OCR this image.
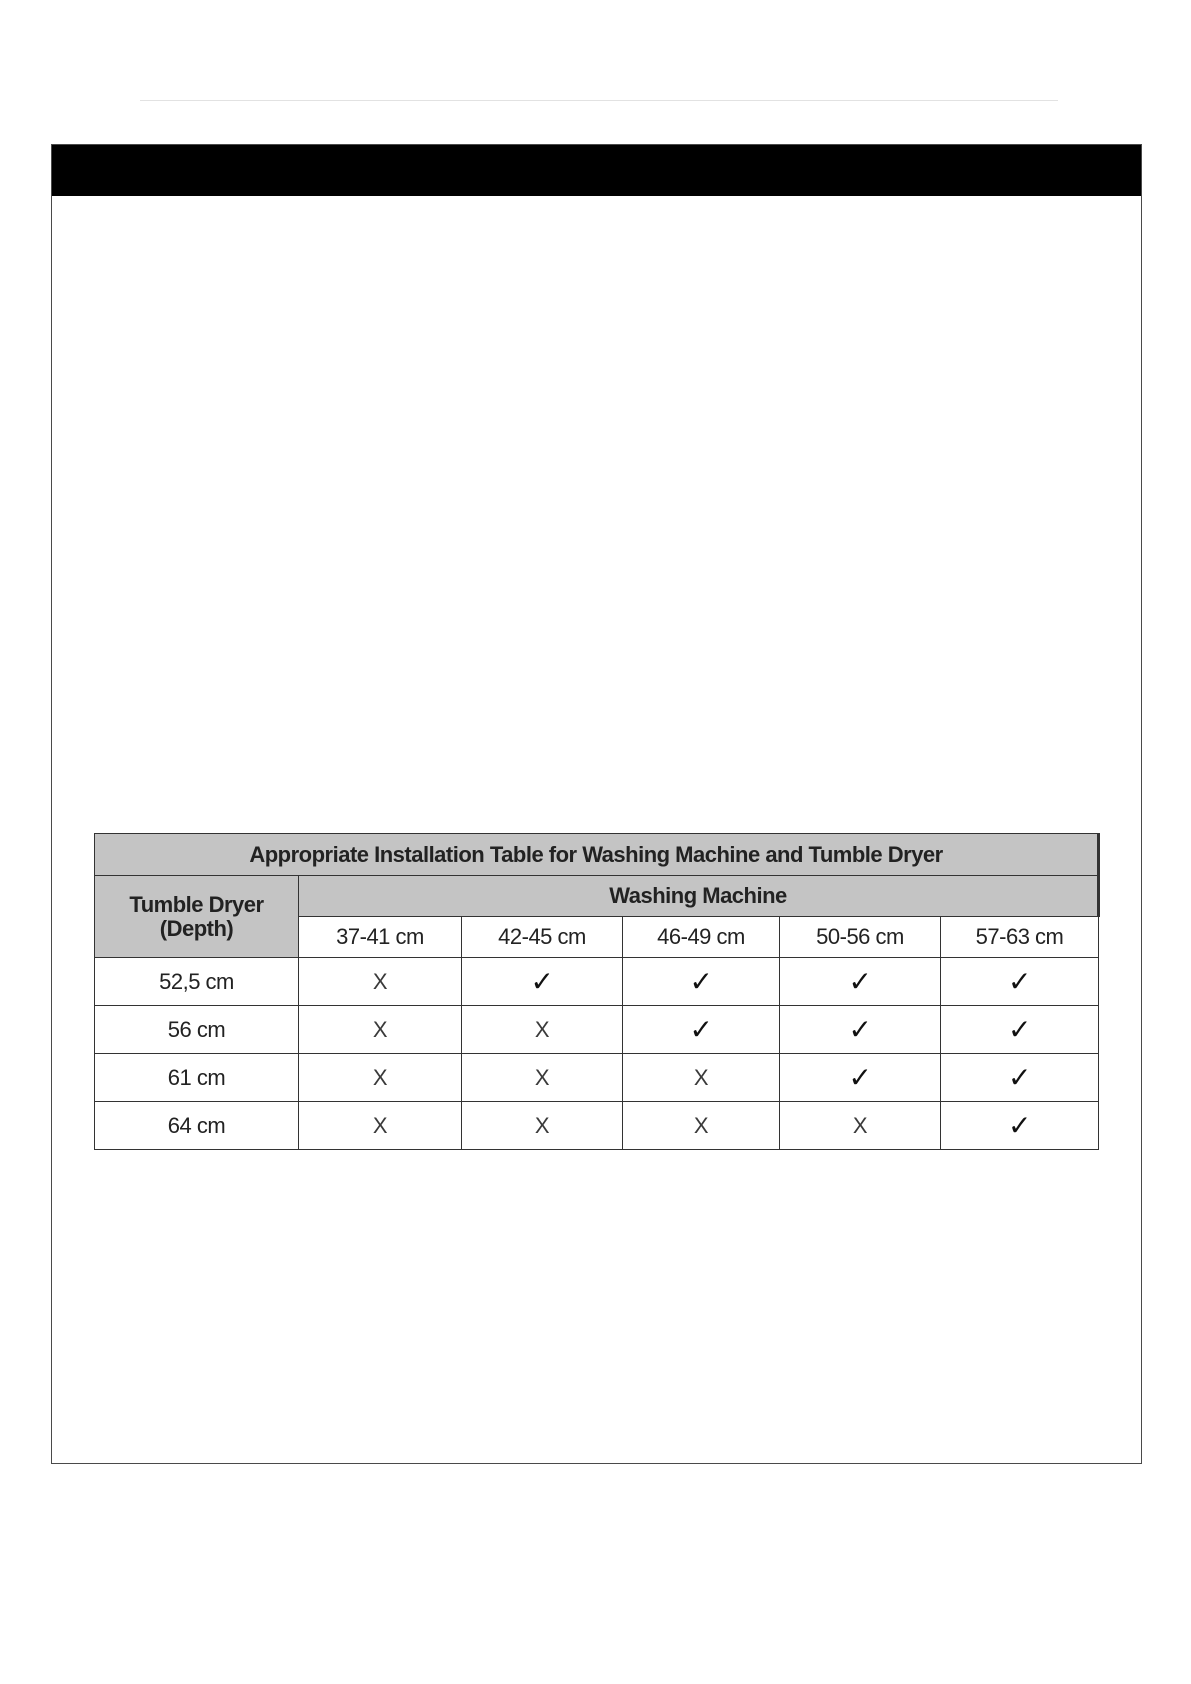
Appropriate Installation Table for Washing Machine and Tumble Dryer					

Tumble Dryer
(Depth)	Washing Machine				
	37-41 cm	42-45 cm	46-49 cm	50-56 cm	57-63 cm
52,5 cm	X	✓	✓	✓	✓
56 cm	X	X	✓	✓	✓
61 cm	X	X	X	✓	✓
64 cm	X	X	X	X	✓
